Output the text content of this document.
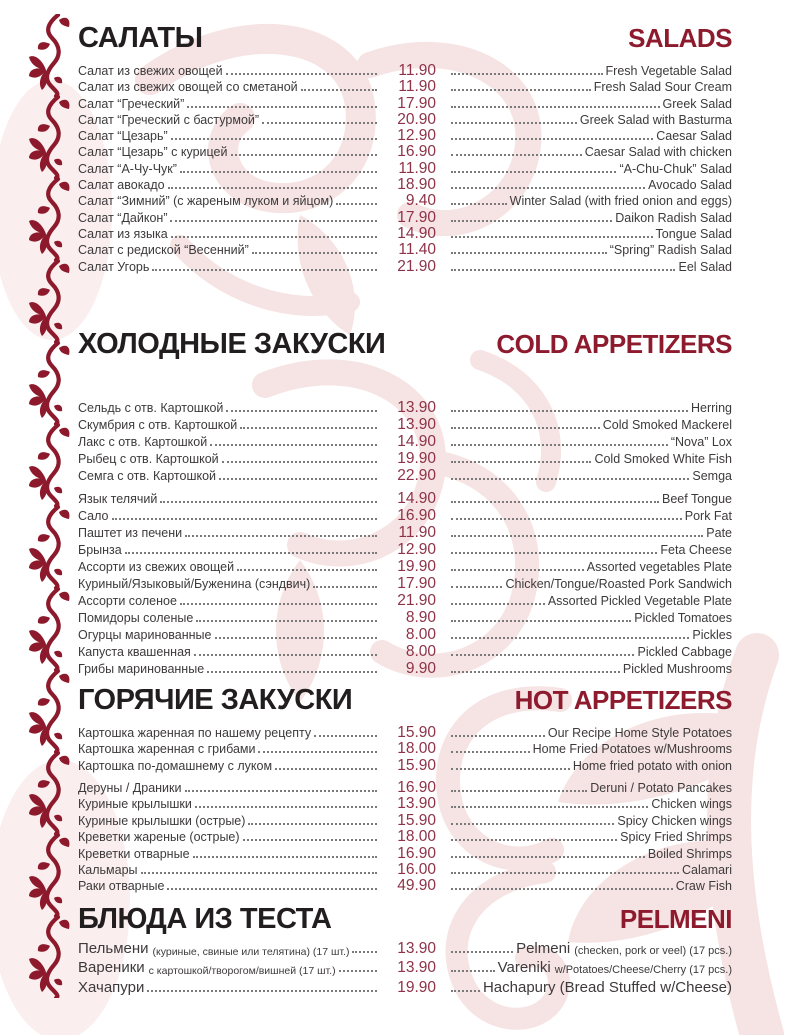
САЛАТЫ	SALADS
Салат из свежих овощей	11.90	Fresh Vegetable Salad
Салат из свежих овощей со сметаной	11.90	Fresh Salad Sour Cream
Салат “Греческий”	17.90	Greek Salad
Салат “Греческий с бастурмой”	20.90	Greek Salad with Basturma
Салат “Цезарь”	12.90	Caesar Salad
Салат “Цезарь” с курицей	16.90	Caesar Salad with chicken
Салат “А-Чу-Чук”	11.90	“A-Chu-Chuk” Salad
Салат авокадо	18.90	Avocado Salad
Салат “Зимний” (с жареным луком и яйцом)	9.40	Winter Salad (with fried onion and eggs)
Салат “Дайкон”	17.90	Daikon Radish Salad
Салат из языка	14.90	Tongue Salad
Салат с редиской “Весенний”	11.40	“Spring” Radish Salad
Салат Угорь	21.90	Eel Salad
ХОЛОДНЫЕ ЗАКУСКИ	COLD APPETIZERS
Сельдь с отв. Картошкой	13.90	Herring
Скумбрия с отв. Картошкой	13.90	Cold Smoked Mackerel
Лакс с отв. Картошкой	14.90	“Nova” Lox
Рыбец с отв. Картошкой	19.90	Cold Smoked White Fish
Семга с отв. Картошкой	22.90	Semga
Язык телячий	14.90	Beef Tongue
Сало	16.90	Pork Fat
Паштет из печени	11.90	Pate
Брынза	12.90	Feta Cheese
Ассорти из свежих овощей	19.90	Assorted vegetables Plate
Куриный/Языковый/Буженина (сэндвич)	17.90	Chicken/Tongue/Roasted Pork Sandwich
Ассорти соленое	21.90	Assorted Pickled Vegetable Plate
Помидоры соленые	8.90	Pickled Tomatoes
Огурцы маринованные	8.00	Pickles
Капуста квашенная	8.00	Pickled Cabbage
Грибы маринованные	9.90	Pickled Mushrooms
ГОРЯЧИЕ ЗАКУСКИ	HOT APPETIZERS
Картошка жаренная по нашему рецепту	15.90	Our Recipe Home Style Potatoes
Картошка жаренная с грибами	18.00	Home Fried Potatoes w/Mushrooms
Картошка по-домашнему с луком	15.90	Home fried potato with onion
Деруны / Драники	16.90	Deruni / Potato Pancakes
Куриные крылышки	13.90	Chicken wings
Куриные крылышки (острые)	15.90	Spicy Chicken wings
Креветки жареные (острые)	18.00	Spicy Fried Shrimps
Креветки отварные	16.90	Boiled Shrimps
Кальмары	16.00	Calamari
Раки отварные	49.90	Craw Fish
БЛЮДА ИЗ ТЕСТА	PELMENI
Пельмени (куриные, свиные или телятина) (17 шт.)	13.90	Pelmeni (checken, pork or veel) (17 pcs.)
Вареники с картошкой/творогом/вишней (17 шт.)	13.90	Vareniki w/Potatoes/Cheese/Cherry (17 pcs.)
Хачапури	19.90	Hachapury (Bread Stuffed w/Cheese)
